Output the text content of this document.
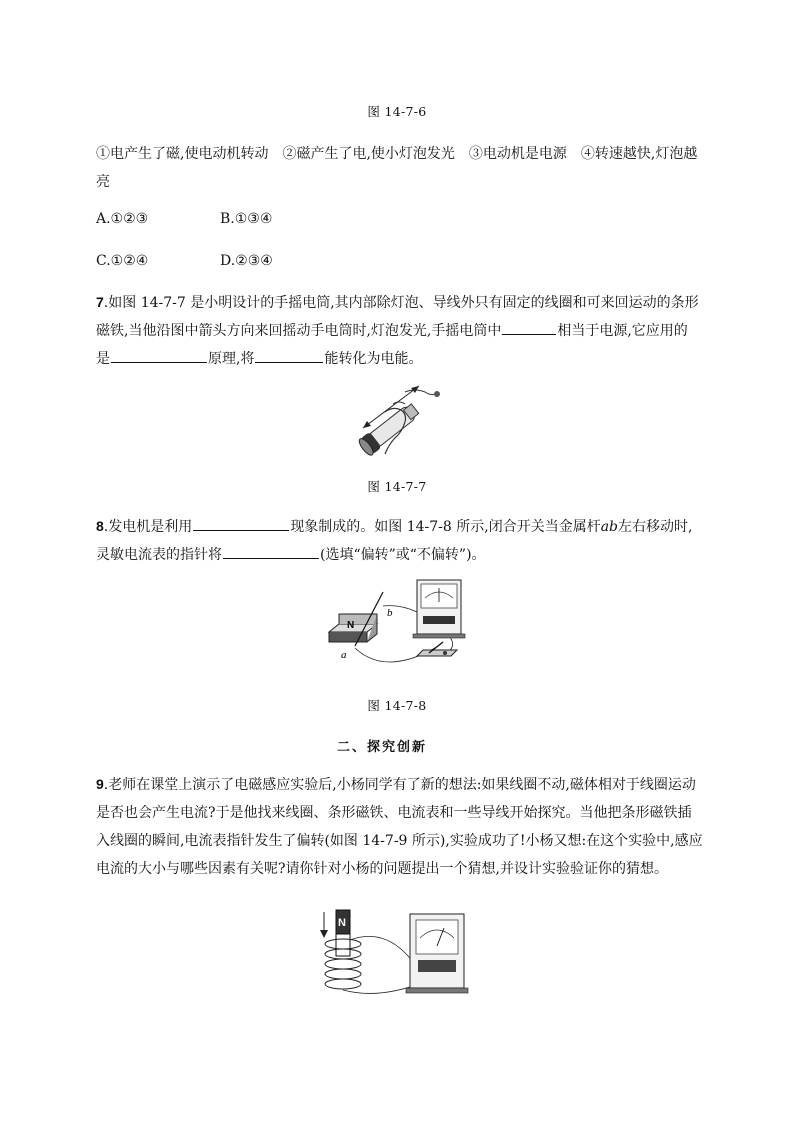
图 14-7-6
①电产生了磁,使电动机转动　②磁产生了电,使小灯泡发光　③电动机是电源　④转速越快,灯泡越
亮
A.①②③	B.①③④
C.①②④	D.②③④
7.如图 14-7-7 是小明设计的手摇电筒,其内部除灯泡、导线外只有固定的线圈和可来回运动的条形
磁铁,当他沿图中箭头方向来回摇动手电筒时,灯泡发光,手摇电筒中	相当于电源,它应用的
是	原理,将	能转化为电能。
图 14-7-7
8.发电机是利用	现象制成的。如图 14-7-8 所示,闭合开关当金属杆ab左右移动时,
灵敏电流表的指针将	(选填“偏转”或“不偏转”)。
N
b
a
图 14-7-8
二、探究创新
9.老师在课堂上演示了电磁感应实验后,小杨同学有了新的想法:如果线圈不动,磁体相对于线圈运动
是否也会产生电流?于是他找来线圈、条形磁铁、电流表和一些导线开始探究。当他把条形磁铁插
入线圈的瞬间,电流表指针发生了偏转(如图 14-7-9 所示),实验成功了!小杨又想:在这个实验中,感应
电流的大小与哪些因素有关呢?请你针对小杨的问题提出一个猜想,并设计实验验证你的猜想。
N
